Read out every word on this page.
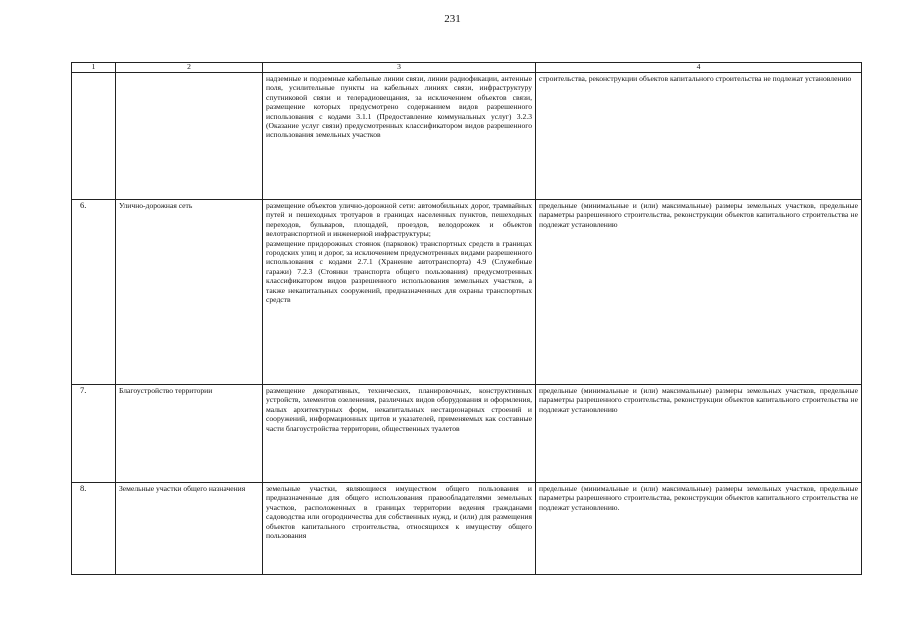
231
1	2	3	4
		надземные и подземные кабельные линии связи, линии радиофикации, антенные поля, усилительные пункты на кабельных линиях связи, инфраструктуру спутниковой связи и телерадиовещания, за исключением объектов связи, размещение которых предусмотрено содержанием видов разрешенного использования с кодами 3.1.1 (Предоставление коммунальных услуг) 3.2.3 (Оказание услуг связи) предусмотренных классификатором видов разрешенного использования земельных участков	строительства, реконструкции объектов капитального строительства не подлежат установлению
6.	Улично-дорожная сеть	размещение объектов улично-дорожной сети: автомобильных дорог, трамвайных путей и пешеходных тротуаров в границах населенных пунктов, пешеходных переходов, бульваров, площадей, проездов, велодорожек и объектов велотранспортной и инженерной инфраструктуры;
размещение придорожных стоянок (парковок) транспортных средств в границах городских улиц и дорог, за исключением предусмотренных видами разрешенного использования с кодами 2.7.1 (Хранение автотранспорта) 4.9 (Служебные гаражи) 7.2.3 (Стоянки транспорта общего пользования) предусмотренных классификатором видов разрешенного использования земельных участков, а также некапитальных сооружений, предназначенных для охраны транспортных средств	предельные (минимальные и (или) максимальные) размеры земельных участков, предельные параметры разрешенного строительства, реконструкции объектов капитального строительства не подлежат установлению
7.	Благоустройство территории	размещение декоративных, технических, планировочных, конструктивных устройств, элементов озеленения, различных видов оборудования и оформления, малых архитектурных форм, некапитальных нестационарных строений и сооружений, информационных щитов и указателей, применяемых как составные части благоустройства территории, общественных туалетов	предельные (минимальные и (или) максимальные) размеры земельных участков, предельные параметры разрешенного строительства, реконструкции объектов капитального строительства не подлежат установлению
8.	Земельные участки общего назначения	земельные участки, являющиеся имуществом общего пользования и предназначенные для общего использования правообладателями земельных участков, расположенных в границах территории ведения гражданами садоводства или огородничества для собственных нужд, и (или) для размещения объектов капитального строительства, относящихся к имуществу общего пользования	предельные (минимальные и (или) максимальные) размеры земельных участков, предельные параметры разрешенного строительства, реконструкции объектов капитального строительства не подлежат установлению.
